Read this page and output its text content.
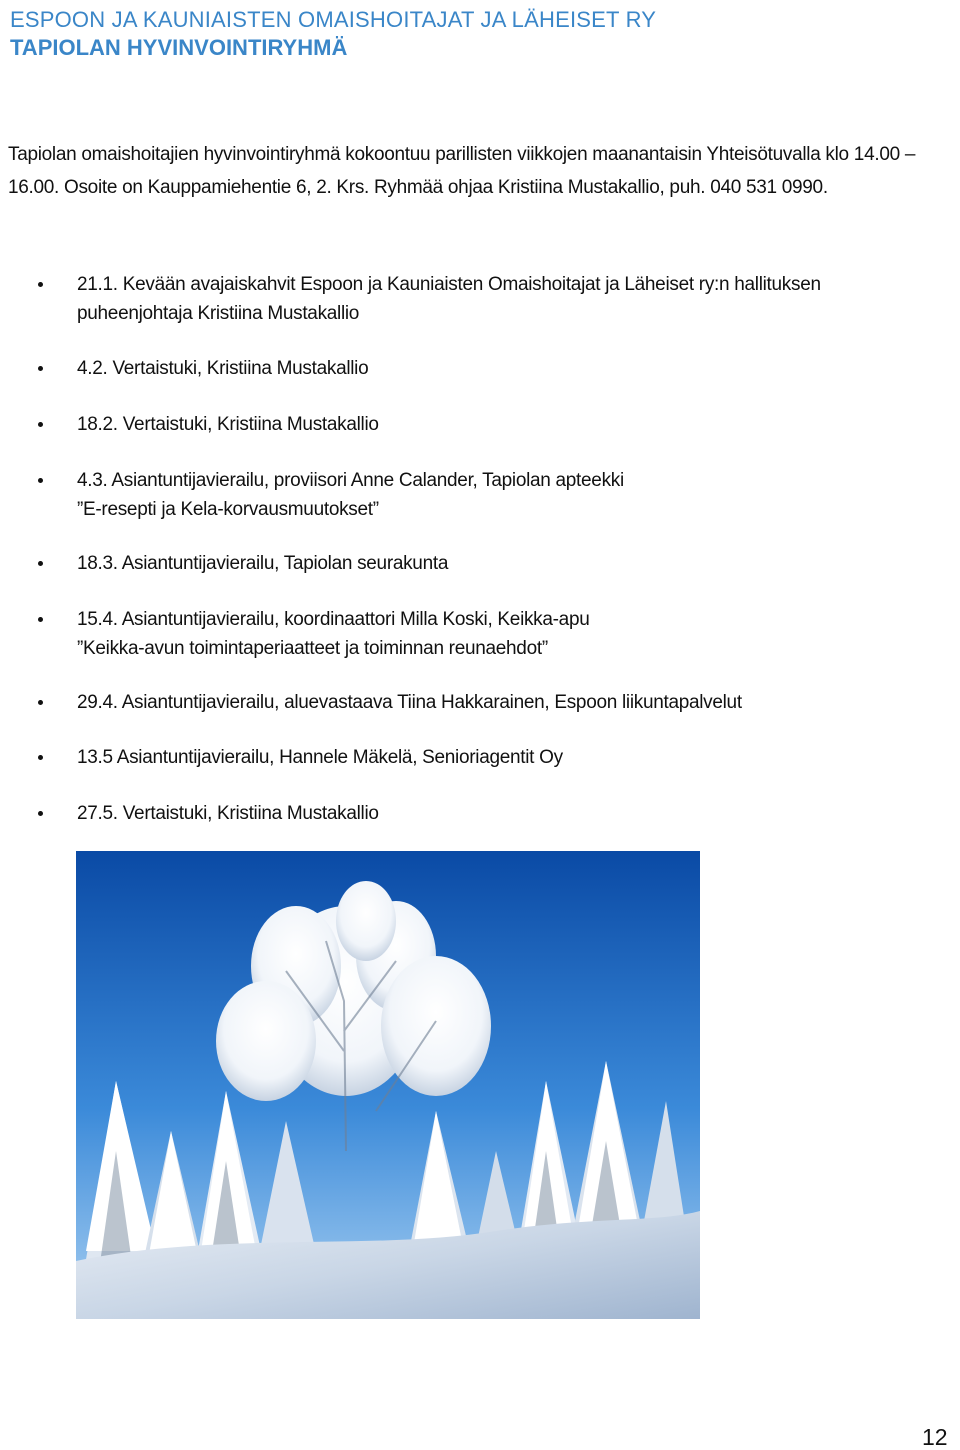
ESPOON JA KAUNIAISTEN OMAISHOITAJAT JA LÄHEISET RY
TAPIOLAN HYVINVOINTIRYHMÄ
Tapiolan omaishoitajien hyvinvointiryhmä kokoontuu parillisten viikkojen maanantaisin Yhteisötuvalla klo 14.00 –
16.00. Osoite on Kauppamiehentie 6, 2. Krs. Ryhmää ohjaa Kristiina Mustakallio, puh. 040 531 0990.
21.1. Kevään avajaiskahvit Espoon ja Kauniaisten Omaishoitajat ja Läheiset ry:n hallituksen
puheenjohtaja Kristiina Mustakallio
4.2. Vertaistuki, Kristiina Mustakallio
18.2. Vertaistuki, Kristiina Mustakallio
4.3. Asiantuntijavierailu, proviisori Anne Calander, Tapiolan apteekki
”E-resepti ja Kela-korvausmuutokset”
18.3. Asiantuntijavierailu, Tapiolan seurakunta
15.4. Asiantuntijavierailu, koordinaattori Milla Koski, Keikka-apu
”Keikka-avun toimintaperiaatteet ja toiminnan reunaehdot”
29.4. Asiantuntijavierailu, aluevastaava Tiina Hakkarainen, Espoon liikuntapalvelut
13.5 Asiantuntijavierailu, Hannele Mäkelä, Senioriagentit Oy
27.5. Vertaistuki, Kristiina Mustakallio
12
